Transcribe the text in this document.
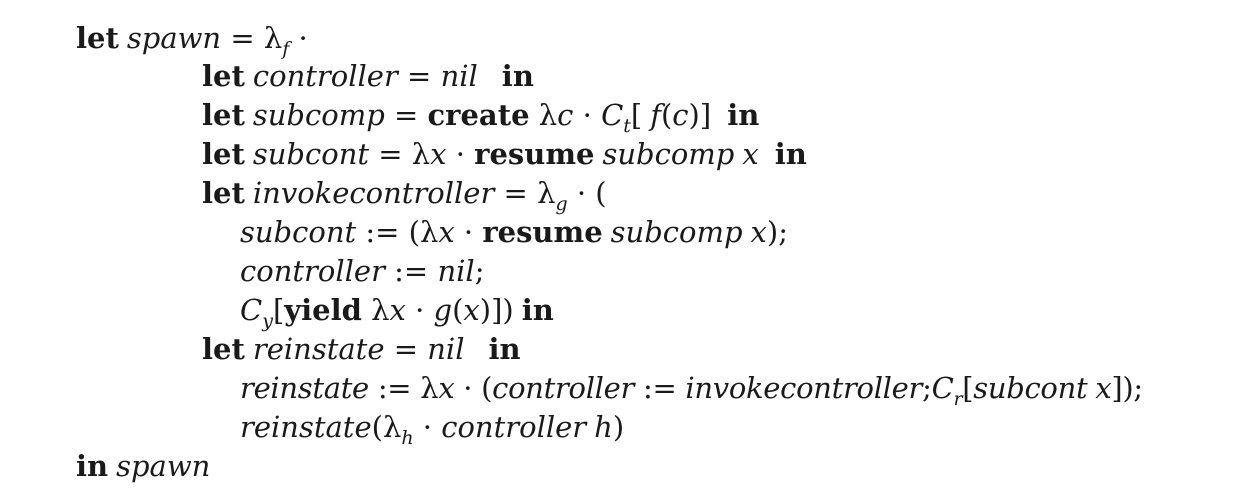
let spawn = $\lambda_f$ ·
let controller = nil in
let subcomp = create $\lambda c \cdot C_t$[ f(c)] in
let subcont = λx · resume subcomp x in
let invokecontroller = $\lambda_g$ · (
subcont := (λx · resume subcomp x);
controller := nil;
$C_y[yield$ λx · g(x)]) in
let reinstate = nil in
reinstate := λx · (controller := $invokecontroller;C_r[subcont$ x]);
$reinstate(\lambda_h$ · controller h)
in spawn
